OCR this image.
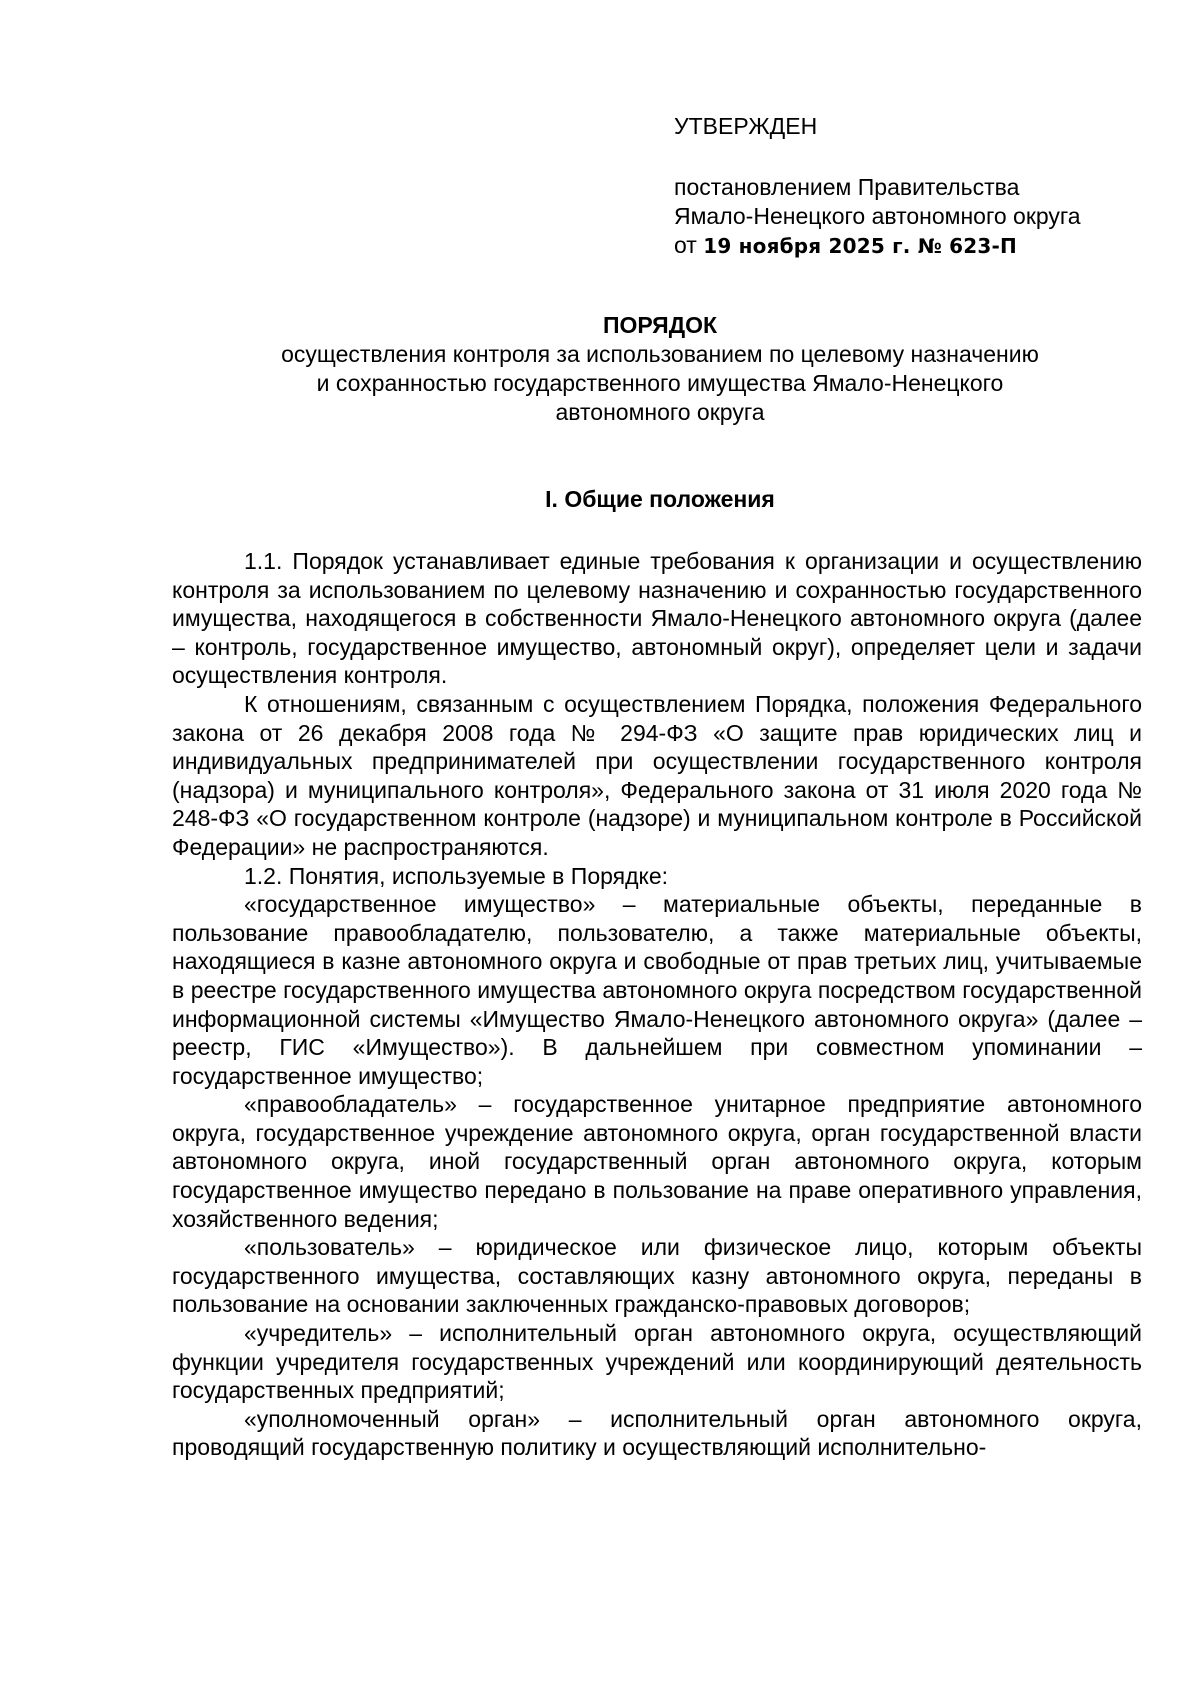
УТВЕРЖДЕН
постановлением Правительства
Ямало-Ненецкого автономного округа
от 19 ноября 2025 г. № 623-П
ПОРЯДОК
осуществления контроля за использованием по целевому назначению
и сохранностью государственного имущества Ямало-Ненецкого
автономного округа
I. Общие положения

1.1. Порядок устанавливает единые требования к организации и осуществлению контроля за использованием по целевому назначению и сохранностью государственного имущества, находящегося в собственности Ямало-Ненецкого автономного округа (далее – контроль, государственное имущество, автономный округ), определяет цели и задачи осуществления контроля.

К отношениям, связанным с осуществлением Порядка, положения Федерального закона от 26 декабря 2008 года № 294-ФЗ «О защите прав юридических лиц и индивидуальных предпринимателей при осуществлении государственного контроля (надзора) и муниципального контроля», Федерального закона от 31 июля 2020 года № 248-ФЗ «О государственном контроле (надзоре) и муниципальном контроле в Российской Федерации» не распространяются.

1.2. Понятия, используемые в Порядке:

«государственное имущество» – материальные объекты, переданные в пользование правообладателю, пользователю, а также материальные объекты, находящиеся в казне автономного округа и свободные от прав третьих лиц, учитываемые в реестре государственного имущества автономного округа посредством государственной информационной системы «Имущество Ямало-Ненецкого автономного округа» (далее – реестр, ГИС «Имущество»). В дальнейшем при совместном упоминании – государственное имущество;

«правообладатель» – государственное унитарное предприятие автономного округа, государственное учреждение автономного округа, орган государственной власти автономного округа, иной государственный орган автономного округа, которым государственное имущество передано в пользование на праве оперативного управления, хозяйственного ведения;

«пользователь» – юридическое или физическое лицо, которым объекты государственного имущества, составляющих казну автономного округа, переданы в пользование на основании заключенных гражданско-правовых договоров;

«учредитель» – исполнительный орган автономного округа, осуществляющий функции учредителя государственных учреждений или координирующий деятельность государственных предприятий;

«уполномоченный орган» – исполнительный орган автономного округа, проводящий государственную политику и осуществляющий исполнительно-
